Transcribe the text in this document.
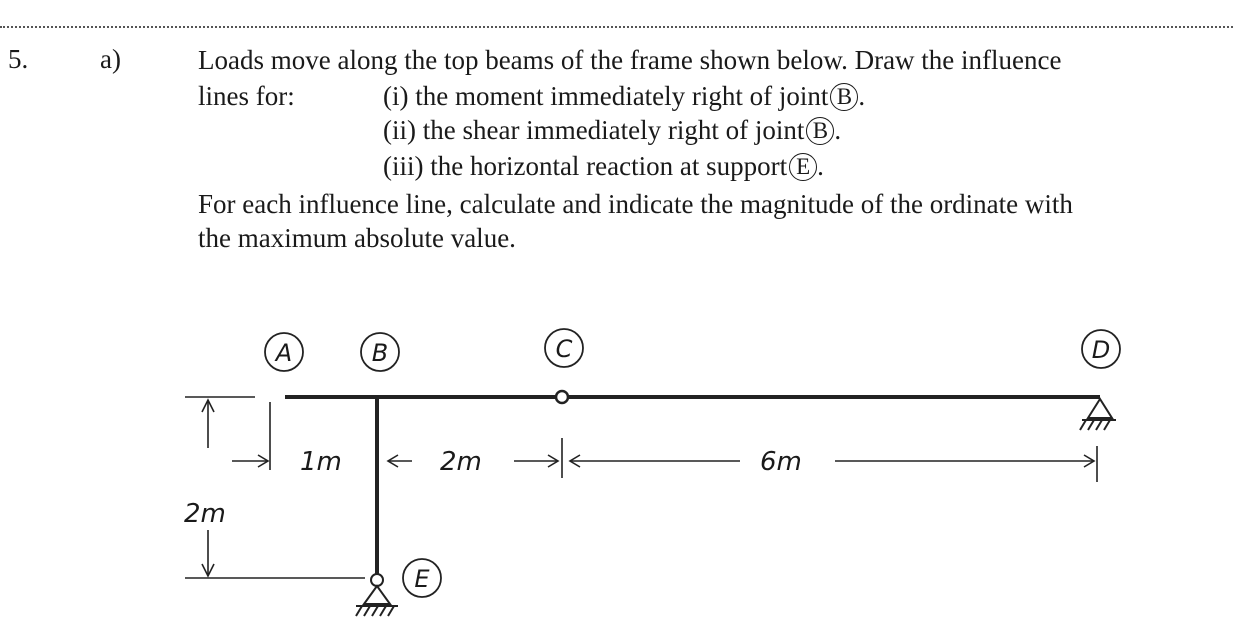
5.	a)	Loads move along the top beams of the frame shown below. Draw the influence
lines for:	(i) the moment immediately right of joint B .
(ii) the shear immediately right of joint B .
(iii) the horizontal reaction at support E .
For each influence line, calculate and indicate the magnitude of the ordinate with
the maximum absolute value.
A	B	C	D
E
2m
1m	2m	6m
